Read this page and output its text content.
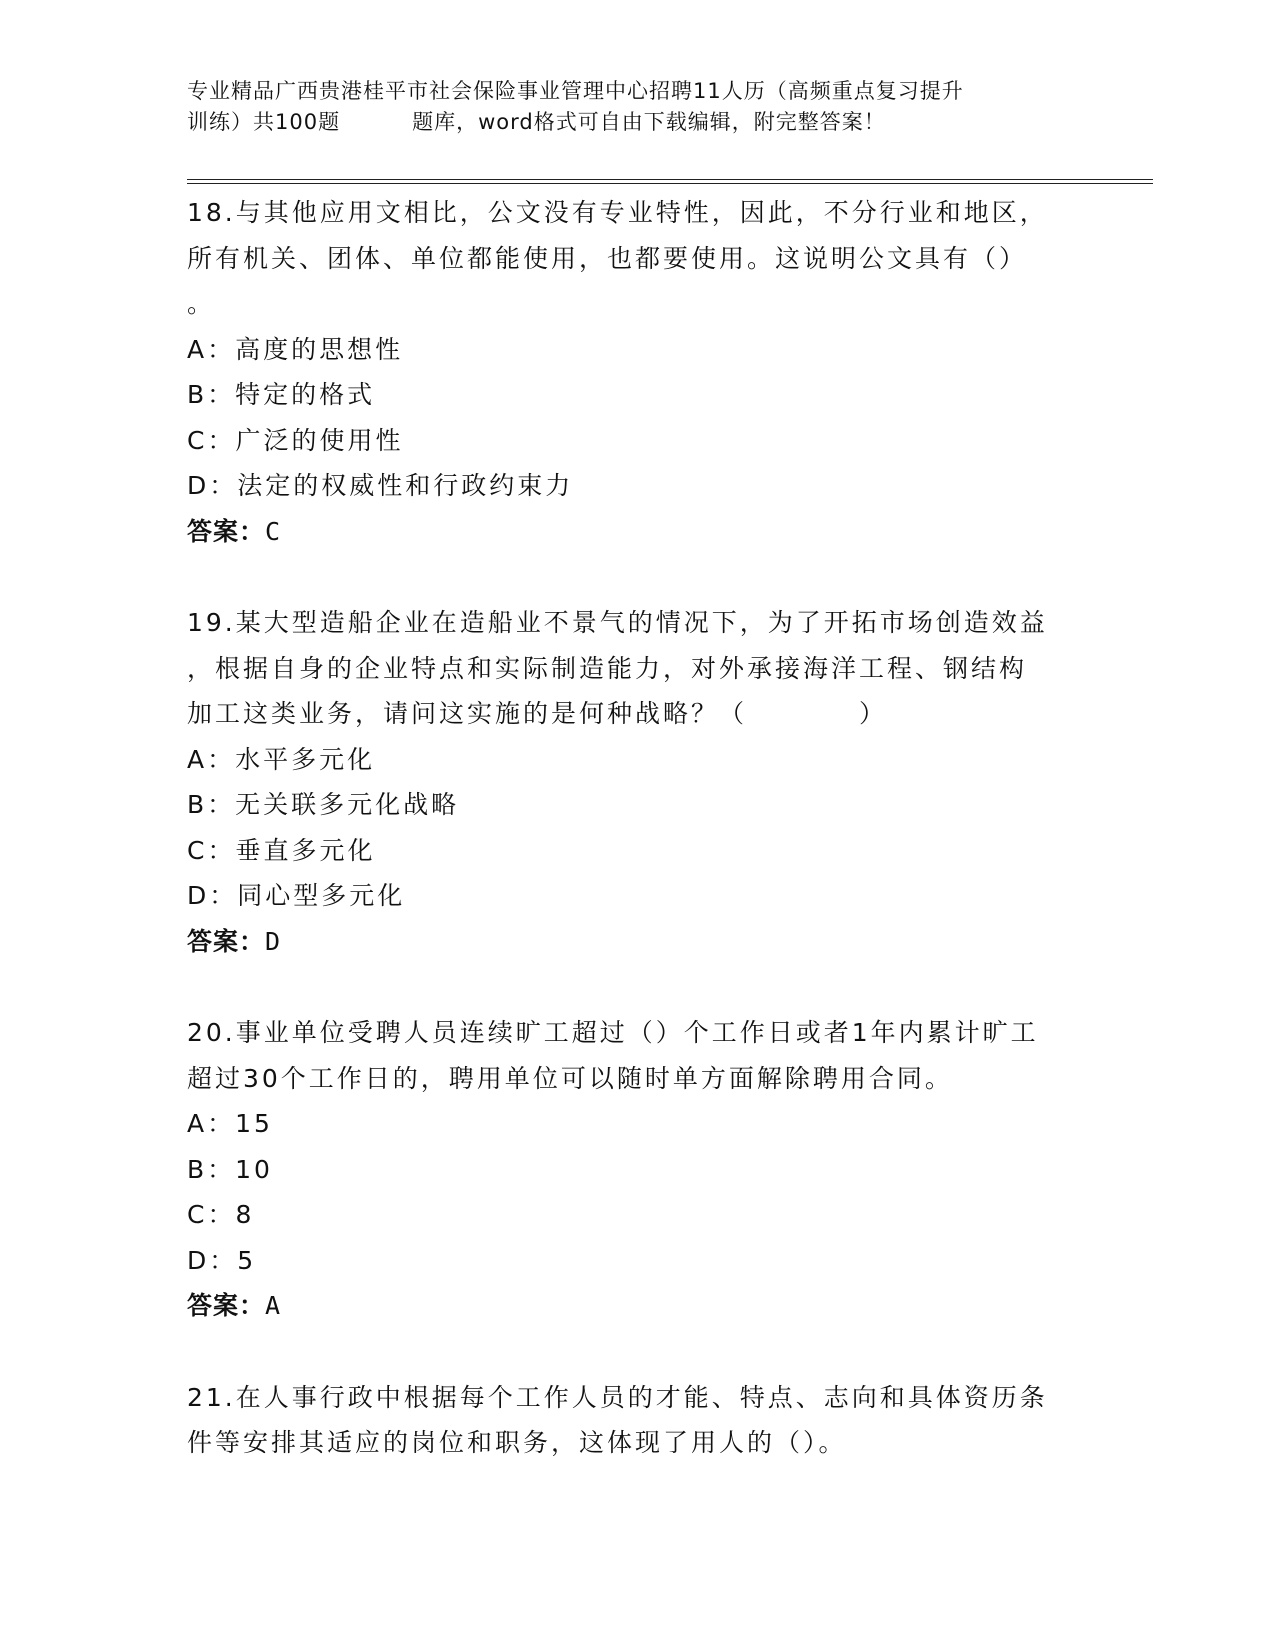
专业精品广西贵港桂平市社会保险事业管理中心招聘11人历（高频重点复习提升
训练）共100题	题库，word格式可自由下载编辑，附完整答案！

18.与其他应用文相比，公文没有专业特性，因此，不分行业和地区，

所有机关、团体、单位都能使用，也都要使用。这说明公文具有（）

。

A：高度的思想性

B：特定的格式

C：广泛的使用性

D：法定的权威性和行政约束力

答案：C

19.某大型造船企业在造船业不景气的情况下，为了开拓市场创造效益

，根据自身的企业特点和实际制造能力，对外承接海洋工程、钢结构

加工这类业务，请问这实施的是何种战略？（　　　　）

A：水平多元化

B：无关联多元化战略

C：垂直多元化

D：同心型多元化

答案：D

20.事业单位受聘人员连续旷工超过（）个工作日或者1年内累计旷工

超过30个工作日的，聘用单位可以随时单方面解除聘用合同。

A：15

B：10

C：8

D：5

答案：A

21.在人事行政中根据每个工作人员的才能、特点、志向和具体资历条

件等安排其适应的岗位和职务，这体现了用人的（）。
